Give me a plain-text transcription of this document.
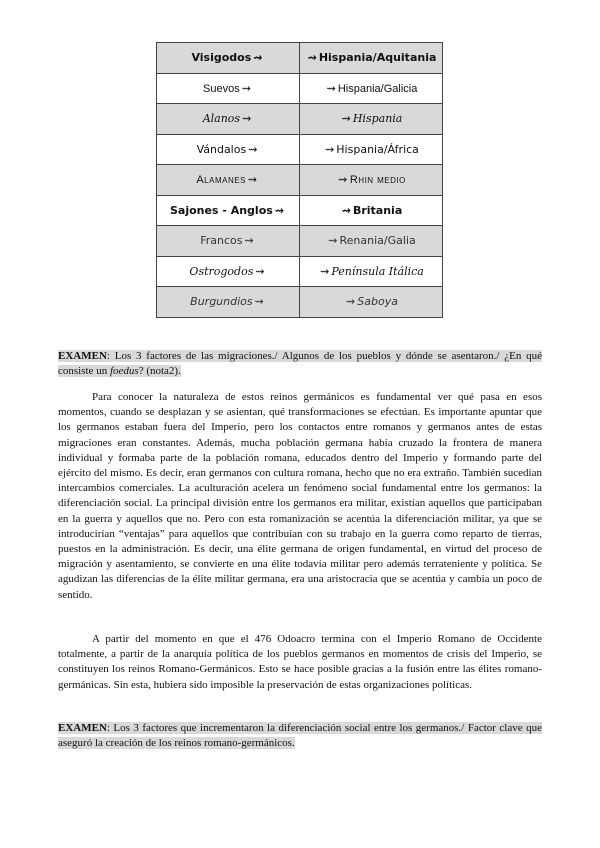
Visigodos ⇝	⇝ Hispania/Aquitania
Suevos ⇝	⇝ Hispania/Galicia
Alanos ⇝	⇝ Hispania
Vándalos ⇝	⇝ Hispania/África
Alamanes ⇝	⇝ Rhin medio
Sajones - Anglos ⇝	⇝ Britania
Francos ⇝	⇝ Renania/Galia
Ostrogodos ⇝	⇝ Península Itálica
Burgundios ⇝	⇝ Saboya

EXAMEN: Los 3 factores de las migraciones./ Algunos de los pueblos y dónde se asentaron./ ¿En qué consiste un foedus? (nota2).

Para conocer la naturaleza de estos reinos germánicos es fundamental ver qué pasa en esos momentos, cuando se desplazan y se asientan, qué transformaciones se efectúan. Es importante apuntar que los germanos estaban fuera del Imperio, pero los contactos entre romanos y germanos antes de estas migraciones eran constantes. Además, mucha población germana había cruzado la frontera de manera individual y formaba parte de la población romana, educados dentro del Imperio y formando parte del ejército del mismo. Es decir, eran germanos con cultura romana, hecho que no era extraño. También sucedían intercambios comerciales. La aculturación acelera un fenómeno social fundamental entre los germanos: la diferenciación social. La principal división entre los germanos era militar, existían aquellos que participaban en la guerra y aquellos que no. Pero con esta romanización se acentúa la diferenciación militar, ya que se introducirían “ventajas” para aquellos que contribuían con su trabajo en la guerra como reparto de tierras, puestos en la administración. Es decir, una élite germana de origen fundamental, en virtud del proceso de migración y asentamiento, se convierte en una élite todavía militar pero además terrateniente y política. Se agudizan las diferencias de la élite militar germana, era una aristocracia que se acentúa y cambia un poco de sentido.

A partir del momento en que el 476 Odoacro termina con el Imperio Romano de Occidente totalmente, a partir de la anarquía política de los pueblos germanos en momentos de crisis del Imperio, se constituyen los reinos Romano-Germánicos. Esto se hace posible gracias a la fusión entre las élites romano-germánicas. Sin esta, hubiera sido imposible la preservación de estas organizaciones políticas.

EXAMEN: Los 3 factores que incrementaron la diferenciación social entre los germanos./ Factor clave que aseguró la creación de los reinos romano-germánicos.
